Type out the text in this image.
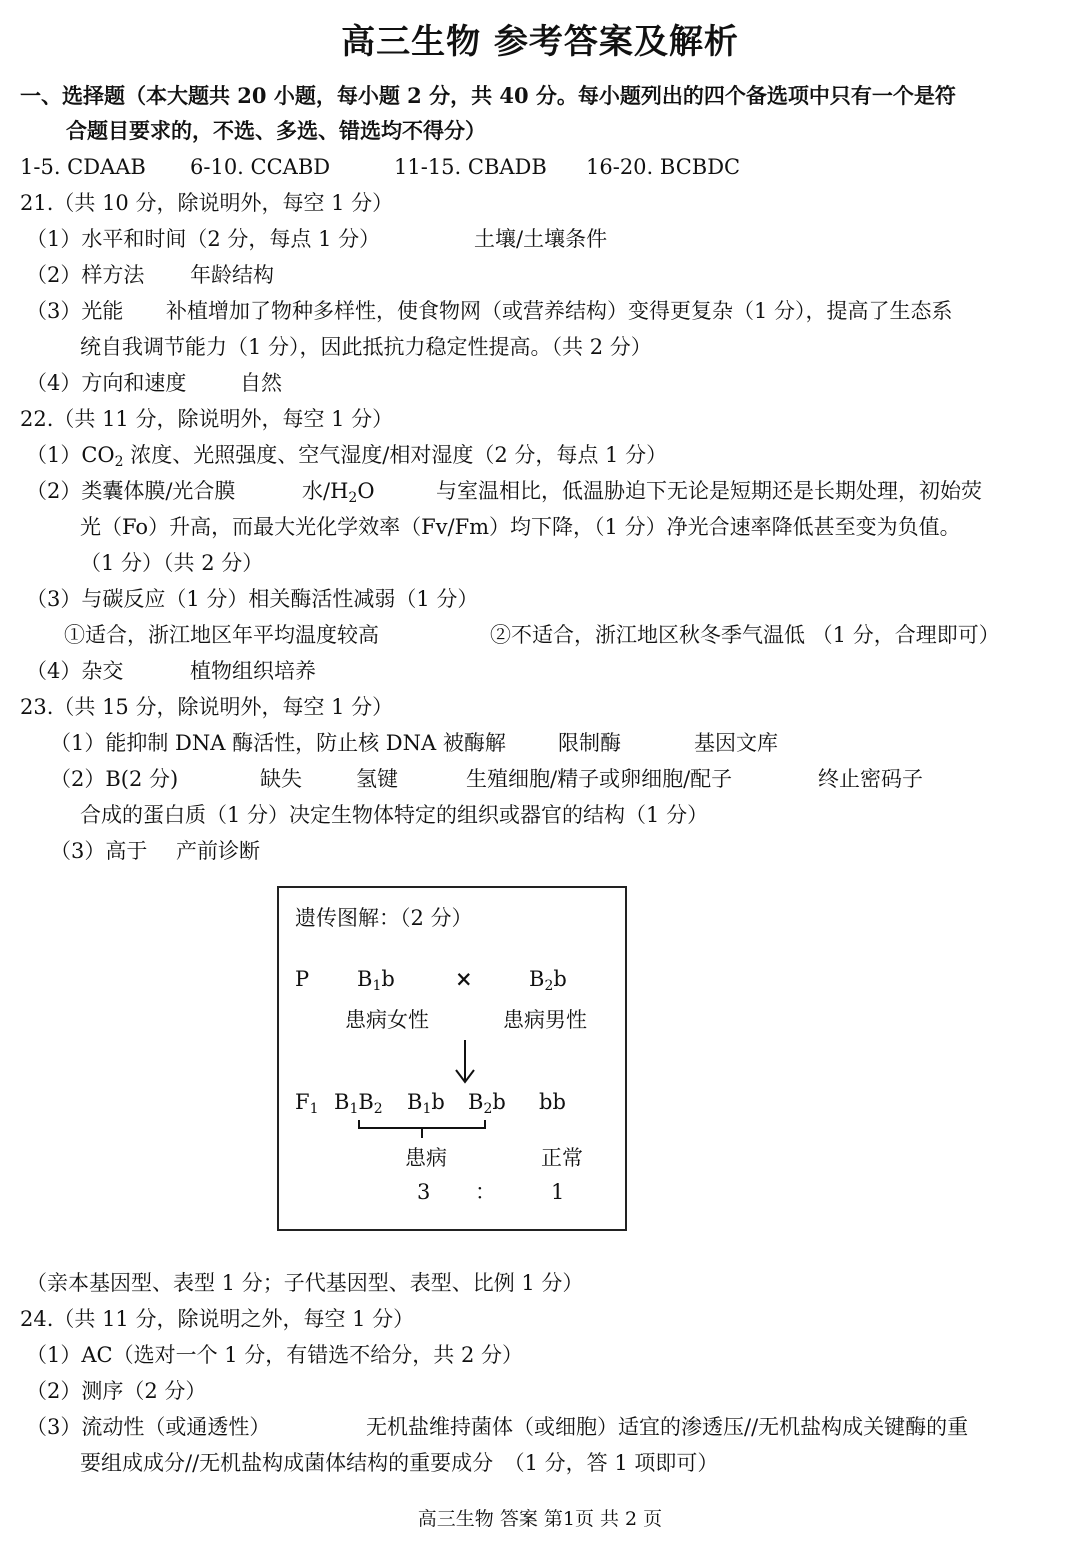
高三生物 参考答案及解析
一、选择题（本大题共 20 小题，每小题 2 分，共 40 分。每小题列出的四个备选项中只有一个是符
合题目要求的，不选、多选、错选均不得分）
1-5. CDAAB 6-10. CCABD	11-15. CBADB 16-20. BCBDC
21.（共 10 分，除说明外，每空 1 分）
（1）水平和时间（2 分，每点 1 分）	土壤/土壤条件
（2）样方法 年龄结构
（3）光能 补植增加了物种多样性，使食物网（或营养结构）变得更复杂（1 分），提高了生态系
统自我调节能力（1 分），因此抵抗力稳定性提高。（共 2 分）
（4）方向和速度	自然
22.（共 11 分，除说明外，每空 1 分）
$(1)CO_2$ 浓度、光照强度、空气湿度/相对湿度（2 分，每点 1 分）
（2）类囊体膜/光合膜	水$/H_2O$	与室温相比，低温胁迫下无论是短期还是长期处理，初始荧
光（Fo）升高，而最大光化学效率（Fv/Fm）均下降，（1 分）净光合速率降低甚至变为负值。
（1 分）（共 2 分）
（3）与碳反应（1 分）相关酶活性减弱（1 分）
①适合，浙江地区年平均温度较高	②不适合，浙江地区秋冬季气温低 （1 分，合理即可）
（4）杂交	植物组织培养
23.（共 15 分，除说明外，每空 1 分）
（1）能抑制 DNA 酶活性，防止核 DNA 被酶解 限制酶	基因文库
（2）B(2 分)	缺失	氢键	生殖细胞/精子或卵细胞/配子	终止密码子
合成的蛋白质（1 分）决定生物体特定的组织或器官的结构（1 分）
（3）高于 产前诊断
遗传图解：（2 分）
P $B_1b$	×	$B_2b$
患病女性	患病男性
$F_1$ $B_1B_2$ $B_1b$ $B_2b$ bb
患病	正常
3 ：	1
（亲本基因型、表型 1 分；子代基因型、表型、比例 1 分）
24.（共 11 分，除说明之外，每空 1 分）
（1）AC（选对一个 1 分，有错选不给分，共 2 分）
（2）测序（2 分）
（3）流动性（或通透性）	无机盐维持菌体（或细胞）适宜的渗透压//无机盐构成关键酶的重
要组成成分//无机盐构成菌体结构的重要成分　（1 分，答 1 项即可）
高三生物 答案 第1页 共 2 页
